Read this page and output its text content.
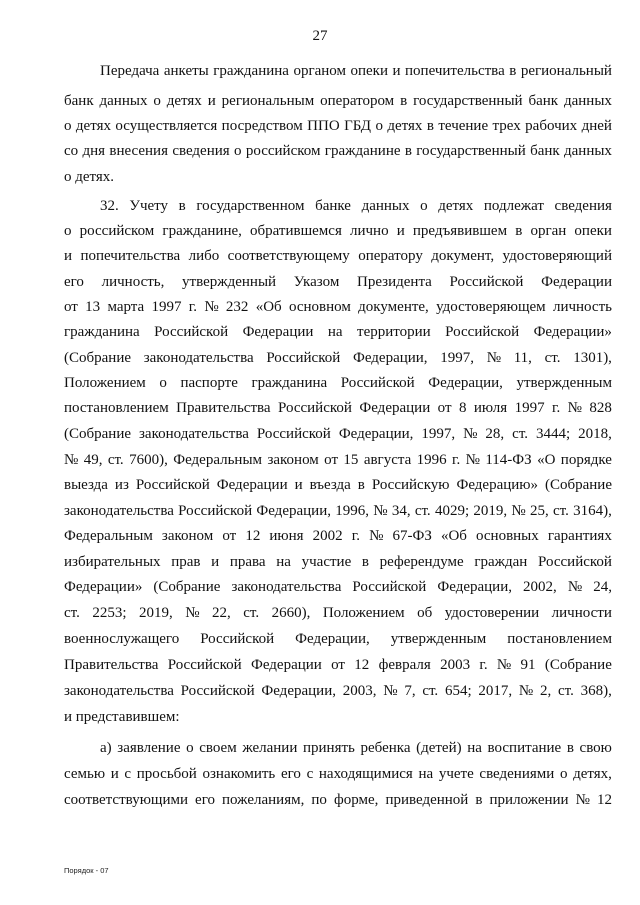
27
Передача анкеты гражданина органом опеки и попечительства в региональный
банк данных о детях и региональным оператором в государственный банк данных
о детях осуществляется посредством ППО ГБД о детях в течение трех рабочих дней
со дня внесения сведения о российском гражданине в государственный банк данных
о детях.
32. Учету в государственном банке данных о детях подлежат сведения
о российском гражданине, обратившемся лично и предъявившем в орган опеки
и попечительства либо соответствующему оператору документ, удостоверяющий
его личность, утвержденный Указом Президента Российской Федерации
от 13 марта 1997 г. № 232 «Об основном документе, удостоверяющем личность
гражданина Российской Федерации на территории Российской Федерации»
(Собрание законодательства Российской Федерации, 1997, № 11, ст. 1301),
Положением о паспорте гражданина Российской Федерации, утвержденным
постановлением Правительства Российской Федерации от 8 июля 1997 г. № 828
(Собрание законодательства Российской Федерации, 1997, № 28, ст. 3444; 2018,
№ 49, ст. 7600), Федеральным законом от 15 августа 1996 г. № 114-ФЗ «О порядке
выезда из Российской Федерации и въезда в Российскую Федерацию» (Собрание
законодательства Российской Федерации, 1996, № 34, ст. 4029; 2019, № 25, ст. 3164),
Федеральным законом от 12 июня 2002 г. № 67-ФЗ «Об основных гарантиях
избирательных прав и права на участие в референдуме граждан Российской
Федерации» (Собрание законодательства Российской Федерации, 2002, № 24,
ст. 2253; 2019, № 22, ст. 2660), Положением об удостоверении личности
военнослужащего Российской Федерации, утвержденным постановлением
Правительства Российской Федерации от 12 февраля 2003 г. № 91 (Собрание
законодательства Российской Федерации, 2003, № 7, ст. 654; 2017, № 2, ст. 368),
и представившем:
а) заявление о своем желании принять ребенка (детей) на воспитание в свою
семью и с просьбой ознакомить его с находящимися на учете сведениями о детях,
соответствующими его пожеланиям, по форме, приведенной в приложении № 12
Порядок - 07
